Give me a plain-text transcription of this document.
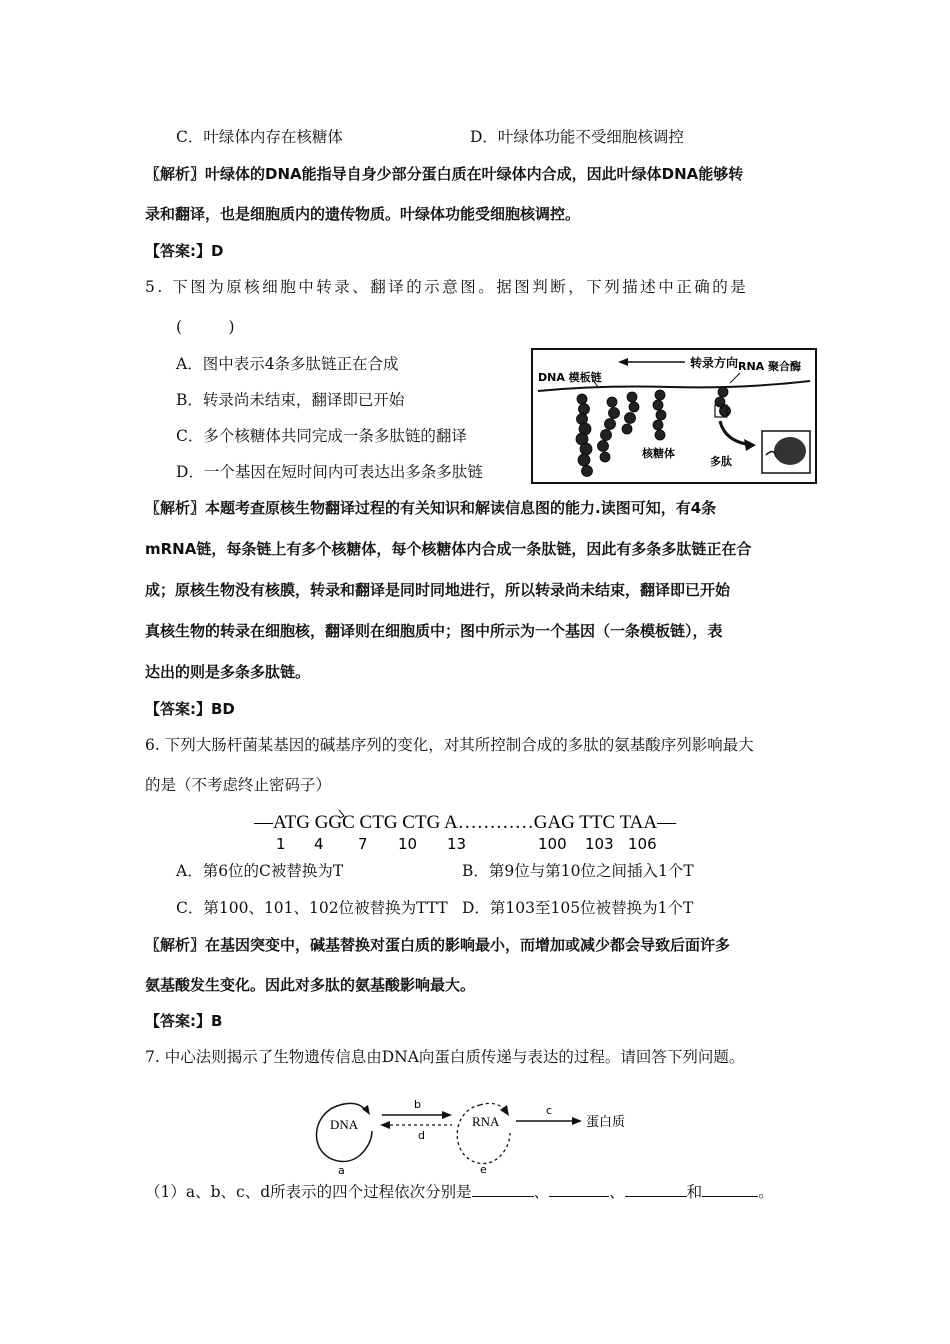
C．叶绿体内存在核糖体	D．叶绿体功能不受细胞核调控
〖解析〗叶绿体的DNA能指导自身少部分蛋白质在叶绿体内合成，因此叶绿体DNA能够转
录和翻译，也是细胞质内的遗传物质。叶绿体功能受细胞核调控。
【答案:】D
5. 下图为原核细胞中转录、翻译的示意图。据图判断，下列描述中正确的是
(　　　)
A．图中表示4条多肽链正在合成
B．转录尚未结束，翻译即已开始
C．多个核糖体共同完成一条多肽链的翻译
D．一个基因在短时间内可表达出多条多肽链
转录方向 RNA 聚合酶
DNA 模板链
核糖体
多肽
〖解析〗本题考查原核生物翻译过程的有关知识和解读信息图的能力.读图可知，有4条
mRNA链，每条链上有多个核糖体，每个核糖体内合成一条肽链，因此有多条多肽链正在合
成；原核生物没有核膜，转录和翻译是同时同地进行，所以转录尚未结束，翻译即已开始
真核生物的转录在细胞核，翻译则在细胞质中；图中所示为一个基因（一条模板链），表
达出的则是多条多肽链。
【答案:】BD
6. 下列大肠杆菌某基因的碱基序列的变化，对其所控制合成的多肽的氨基酸序列影响最大
的是（不考虑终止密码子）
—ATG GGC CTG CTG A…………GAG TTC TAA—
1 4 7 10 13	100 103 106
A．第6位的C被替换为T	B．第9位与第10位之间插入1个T
C．第100、101、102位被替换为TTT D．第103至105位被替换为1个T
〖解析〗在基因突变中，碱基替换对蛋白质的影响最小，而增加或减少都会导致后面许多
氨基酸发生变化。因此对多肽的氨基酸影响最大。
【答案:】B
7. 中心法则揭示了生物遗传信息由DNA向蛋白质传递与表达的过程。请回答下列问题。
DNA
a
b
d
RNA
e
c
蛋白质
（1）a、b、c、d所表示的四个过程依次分别是	、	、	和	。
